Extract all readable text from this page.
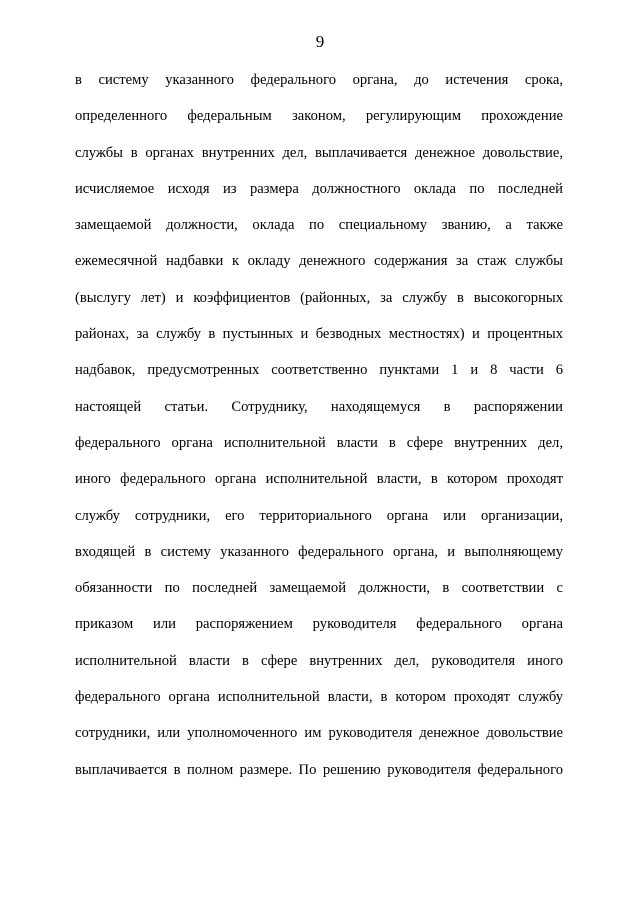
9
в систему указанного федерального органа, до истечения срока,
определенного федеральным законом, регулирующим прохождение
службы в органах внутренних дел, выплачивается денежное довольствие,
исчисляемое исходя из размера должностного оклада по последней
замещаемой должности, оклада по специальному званию, а также
ежемесячной надбавки к окладу денежного содержания за стаж службы
(выслугу лет) и коэффициентов (районных, за службу в высокогорных
районах, за службу в пустынных и безводных местностях) и процентных
надбавок, предусмотренных соответственно пунктами 1 и 8 части 6
настоящей статьи. Сотруднику, находящемуся в распоряжении
федерального органа исполнительной власти в сфере внутренних дел,
иного федерального органа исполнительной власти, в котором проходят
службу сотрудники, его территориального органа или организации,
входящей в систему указанного федерального органа, и выполняющему
обязанности по последней замещаемой должности, в соответствии с
приказом или распоряжением руководителя федерального органа
исполнительной власти в сфере внутренних дел, руководителя иного
федерального органа исполнительной власти, в котором проходят службу
сотрудники, или уполномоченного им руководителя денежное довольствие
выплачивается в полном размере. По решению руководителя федерального
